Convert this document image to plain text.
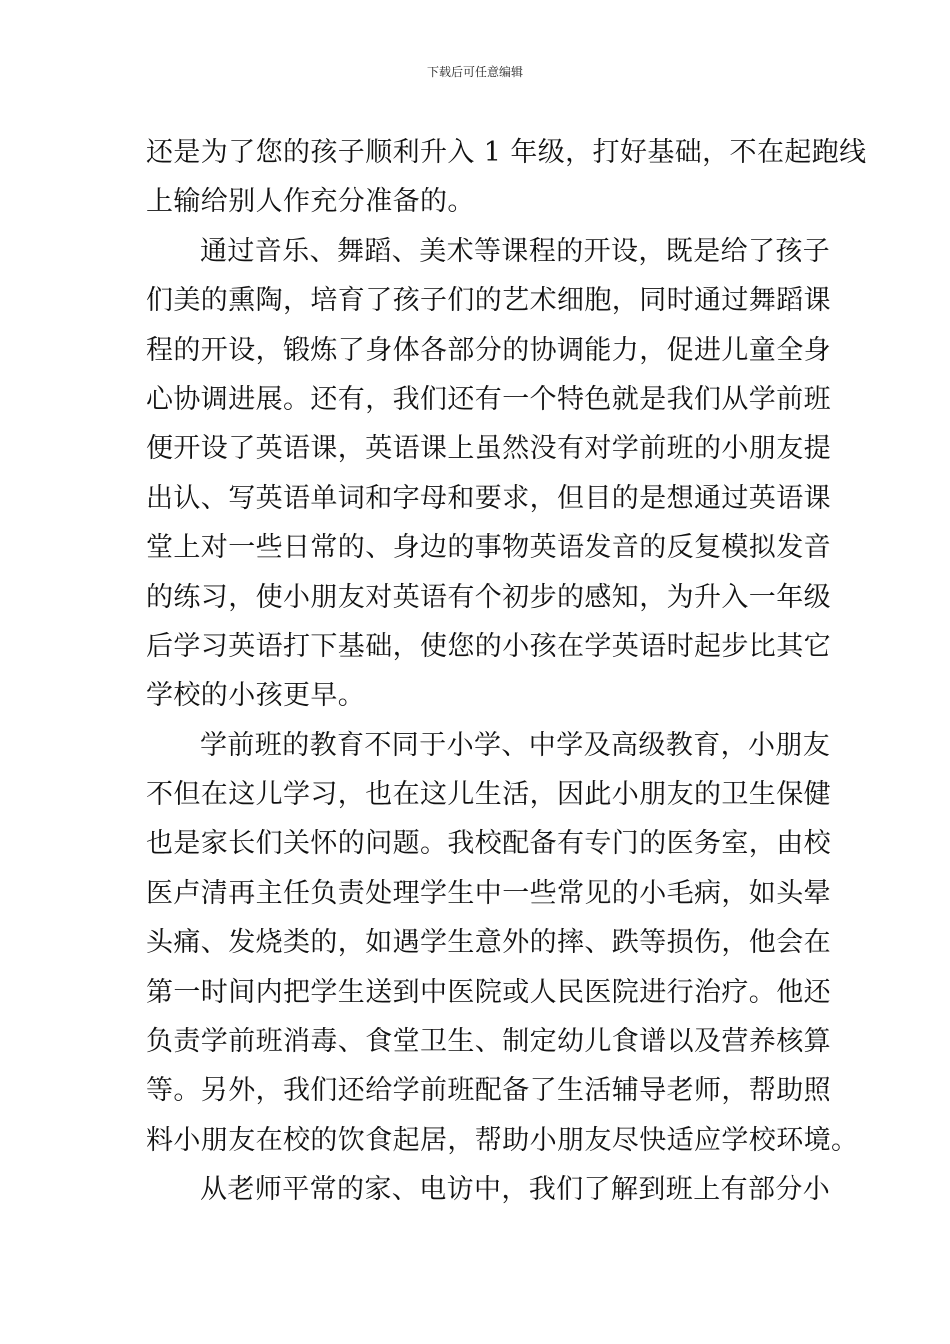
下载后可任意编辑
还是为了您的孩子顺利升入 1 年级，打好基础，不在起跑线
上输给别人作充分准备的。
通过音乐、舞蹈、美术等课程的开设，既是给了孩子
们美的熏陶，培育了孩子们的艺术细胞，同时通过舞蹈课
程的开设，锻炼了身体各部分的协调能力，促进儿童全身
心协调进展。还有，我们还有一个特色就是我们从学前班
便开设了英语课，英语课上虽然没有对学前班的小朋友提
出认、写英语单词和字母和要求，但目的是想通过英语课
堂上对一些日常的、身边的事物英语发音的反复模拟发音
的练习，使小朋友对英语有个初步的感知，为升入一年级
后学习英语打下基础，使您的小孩在学英语时起步比其它
学校的小孩更早。
学前班的教育不同于小学、中学及高级教育，小朋友
不但在这儿学习，也在这儿生活，因此小朋友的卫生保健
也是家长们关怀的问题。我校配备有专门的医务室，由校
医卢清再主任负责处理学生中一些常见的小毛病，如头晕
头痛、发烧类的，如遇学生意外的摔、跌等损伤，他会在
第一时间内把学生送到中医院或人民医院进行治疗。他还
负责学前班消毒、食堂卫生、制定幼儿食谱以及营养核算
等。另外，我们还给学前班配备了生活辅导老师，帮助照
料小朋友在校的饮食起居，帮助小朋友尽快适应学校环境。
从老师平常的家、电访中，我们了解到班上有部分小
